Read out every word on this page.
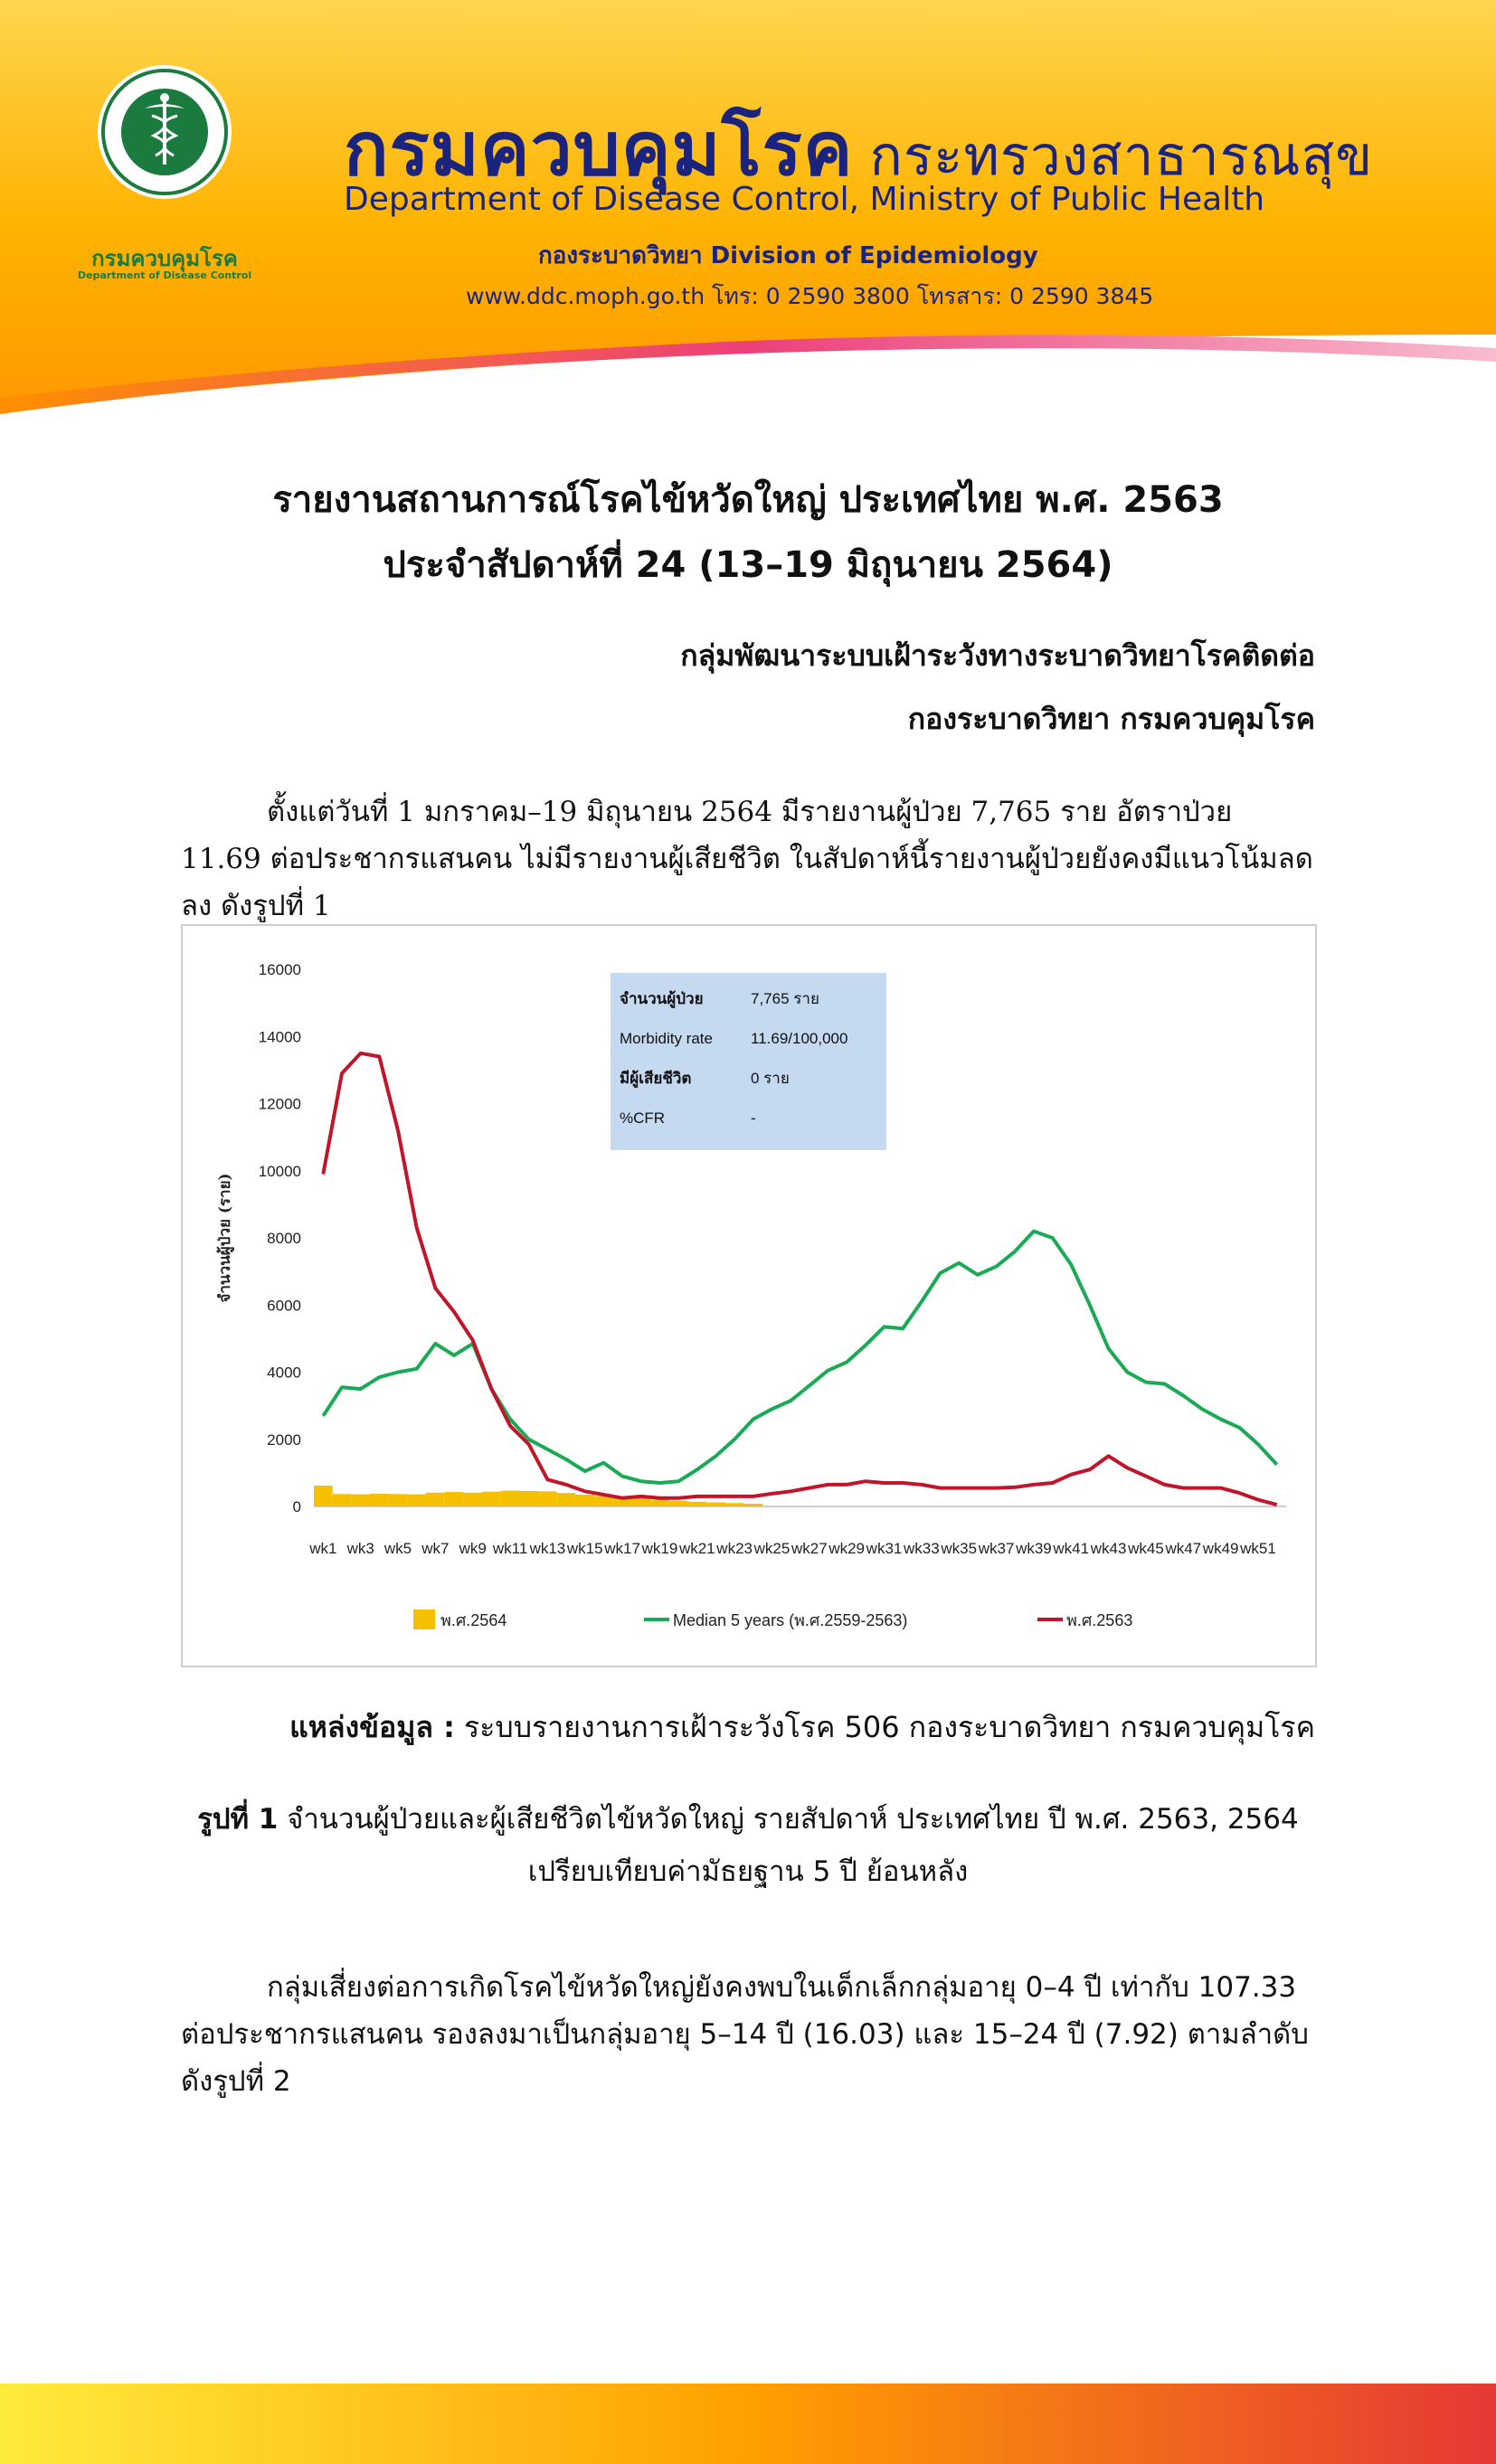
กรมควบคุมโรค
Department of Disease Control
กรมควบคุมโรค กระทรวงสาธารณสุข
Department of Disease Control, Ministry of Public Health
กองระบาดวิทยา Division of Epidemiology
www.ddc.moph.go.th โทร: 0 2590 3800 โทรสาร: 0 2590 3845
รายงานสถานการณ์โรคไข้หวัดใหญ่ ประเทศไทย พ.ศ. 2563
ประจำสัปดาห์ที่ 24 (13–19 มิถุนายน 2564)
กลุ่มพัฒนาระบบเฝ้าระวังทางระบาดวิทยาโรคติดต่อ
กองระบาดวิทยา กรมควบคุมโรค
ตั้งแต่วันที่ 1 มกราคม–19 มิถุนายน 2564 มีรายงานผู้ป่วย 7,765 ราย อัตราป่วย 11.69 ต่อประชากรแสนคน ไม่มีรายงานผู้เสียชีวิต ในสัปดาห์นี้รายงานผู้ป่วยยังคงมีแนวโน้มลดลง ดังรูปที่ 1
0
2000
4000
6000
8000
10000
12000
14000
16000
จำนวนผู้ป่วย (ราย)
wk1 wk3 wk5 wk7 wk9 wk11 wk13 wk15 wk17 wk19 wk21 wk23 wk25 wk27 wk29 wk31 wk33 wk35 wk37 wk39 wk41 wk43 wk45 wk47 wk49 wk51
จำนวนผู้ป่วย	7,765 ราย
Morbidity rate 11.69/100,000
มีผู้เสียชีวิต	0 ราย
%CFR	-
พ.ศ.2564	Median 5 years (พ.ศ.2559-2563)	พ.ศ.2563
แหล่งข้อมูล : ระบบรายงานการเฝ้าระวังโรค 506 กองระบาดวิทยา กรมควบคุมโรค
รูปที่ 1 จำนวนผู้ป่วยและผู้เสียชีวิตไข้หวัดใหญ่ รายสัปดาห์ ประเทศไทย ปี พ.ศ. 2563, 2564
เปรียบเทียบค่ามัธยฐาน 5 ปี ย้อนหลัง
กลุ่มเสี่ยงต่อการเกิดโรคไข้หวัดใหญ่ยังคงพบในเด็กเล็กกลุ่มอายุ 0–4 ปี เท่ากับ 107.33 ต่อประชากรแสนคน รองลงมาเป็นกลุ่มอายุ 5–14 ปี (16.03) และ 15–24 ปี (7.92) ตามลำดับ ดังรูปที่ 2
